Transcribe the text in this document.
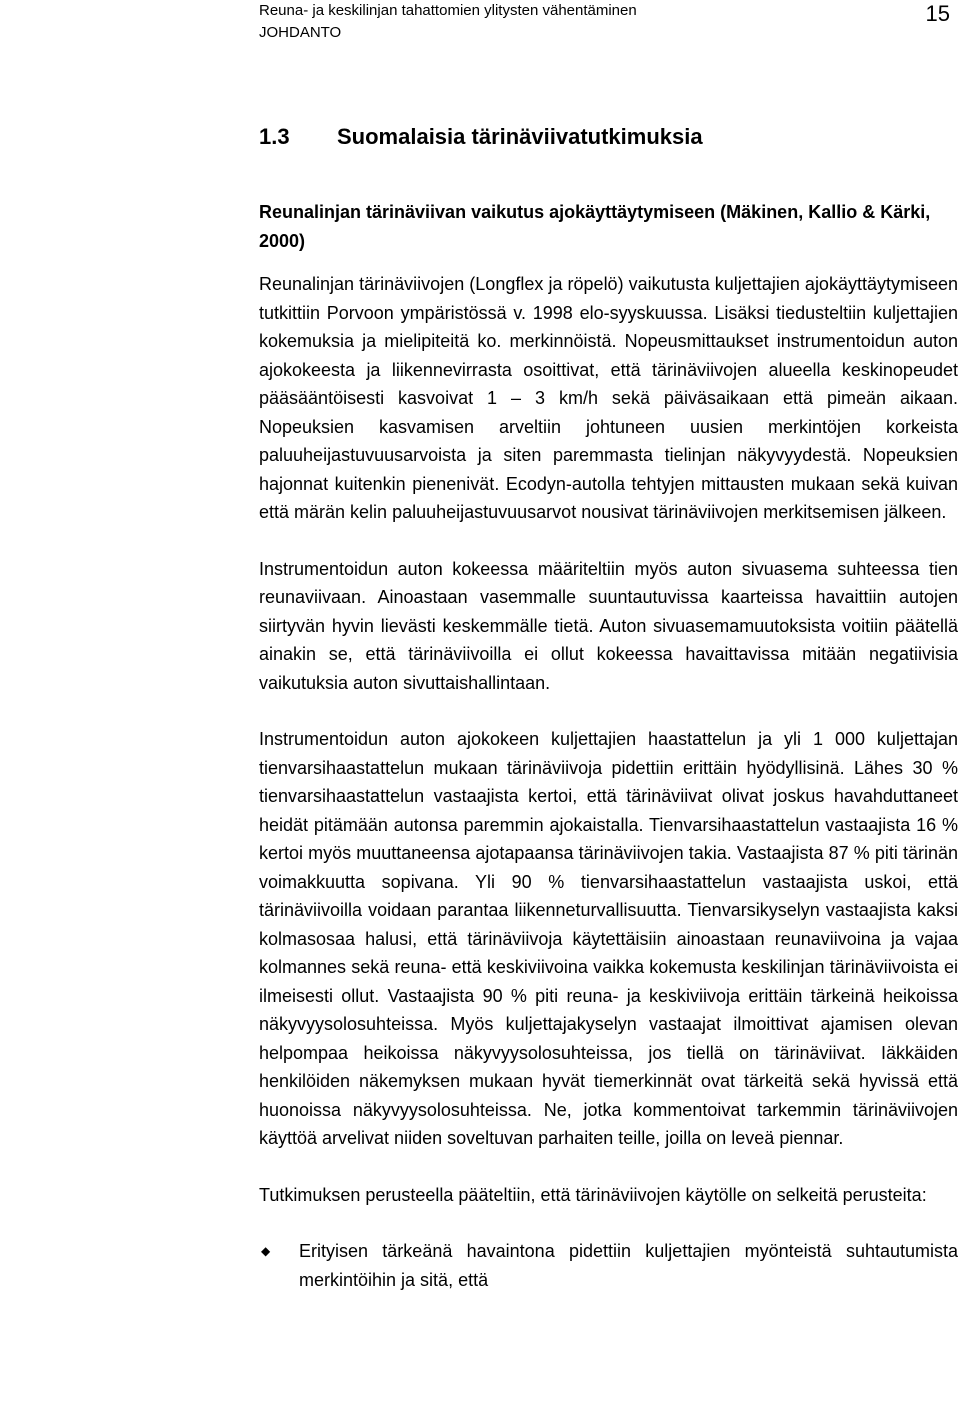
Reuna- ja keskilinjan tahattomien ylitysten vähentäminen
JOHDANTO
15
1.3	Suomalaisia tärinäviivatutkimuksia
Reunalinjan tärinäviivan vaikutus ajokäyttäytymiseen (Mäkinen, Kallio & Kärki, 2000)

Reunalinjan tärinäviivojen (Longflex ja röpelö) vaikutusta kuljettajien ajokäyttäytymiseen tutkittiin Porvoon ympäristössä v. 1998 elo-syyskuussa. Lisäksi tiedusteltiin kuljettajien kokemuksia ja mielipiteitä ko. merkinnöistä. Nopeusmittaukset instrumentoidun auton ajokokeesta ja liikennevirrasta osoittivat, että tärinäviivojen alueella keskinopeudet pääsääntöisesti kasvoivat 1 – 3 km/h sekä päiväsaikaan että pimeän aikaan. Nopeuksien kasvamisen arveltiin johtuneen uusien merkintöjen korkeista paluuheijastuvuusarvoista ja siten paremmasta tielinjan näkyvyydestä. Nopeuksien hajonnat kuitenkin pienenivät. Ecodyn-autolla tehtyjen mittausten mukaan sekä kuivan että märän kelin paluuheijastuvuusarvot nousivat tärinäviivojen merkitsemisen jälkeen.

Instrumentoidun auton kokeessa määriteltiin myös auton sivuasema suhteessa tien reunaviivaan. Ainoastaan vasemmalle suuntautuvissa kaarteissa havaittiin autojen siirtyvän hyvin lievästi keskemmälle tietä. Auton sivuasemamuutoksista voitiin päätellä ainakin se, että tärinäviivoilla ei ollut kokeessa havaittavissa mitään negatiivisia vaikutuksia auton sivuttaishallintaan.

Instrumentoidun auton ajokokeen kuljettajien haastattelun ja yli 1 000 kuljettajan tienvarsihaastattelun mukaan tärinäviivoja pidettiin erittäin hyödyllisinä. Lähes 30 % tienvarsihaastattelun vastaajista kertoi, että tärinäviivat olivat joskus havahduttaneet heidät pitämään autonsa paremmin ajokaistalla. Tienvarsihaastattelun vastaajista 16 % kertoi myös muuttaneensa ajotapaansa tärinäviivojen takia. Vastaajista 87 % piti tärinän voimakkuutta sopivana. Yli 90 % tienvarsihaastattelun vastaajista uskoi, että tärinäviivoilla voidaan parantaa liikenneturvallisuutta. Tienvarsikyselyn vastaajista kaksi kolmasosaa halusi, että tärinäviivoja käytettäisiin ainoastaan reunaviivoina ja vajaa kolmannes sekä reuna- että keskiviivoina vaikka kokemusta keskilinjan tärinäviivoista ei ilmeisesti ollut. Vastaajista 90 % piti reuna- ja keskiviivoja erittäin tärkeinä heikoissa näkyvyysolosuhteissa. Myös kuljettajakyselyn vastaajat ilmoittivat ajamisen olevan helpompaa heikoissa näkyvyysolosuhteissa, jos tiellä on tärinäviivat. Iäkkäiden henkilöiden näkemyksen mukaan hyvät tiemerkinnät ovat tärkeitä sekä hyvissä että huonoissa näkyvyysolosuhteissa. Ne, jotka kommentoivat tarkemmin tärinäviivojen käyttöä arvelivat niiden soveltuvan parhaiten teille, joilla on leveä piennar.

Tutkimuksen perusteella pääteltiin, että tärinäviivojen käytölle on selkeitä perusteita:

◆	Erityisen tärkeänä havaintona pidettiin kuljettajien myönteistä suhtautumista merkintöihin ja sitä, että
